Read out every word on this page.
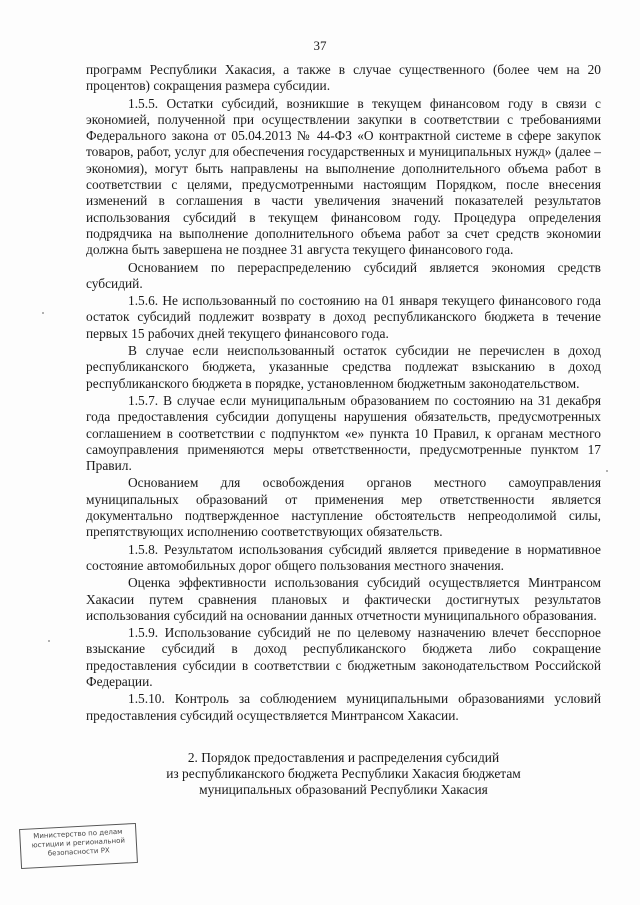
37

программ Республики Хакасия, а также в случае существенного (более чем на 20 процентов) сокращения размера субсидии.

1.5.5. Остатки субсидий, возникшие в текущем финансовом году в связи с экономией, полученной при осуществлении закупки в соответствии с требованиями Федерального закона от 05.04.2013 № 44-ФЗ «О контрактной системе в сфере закупок товаров, работ, услуг для обеспечения государственных и муниципальных нужд» (далее – экономия), могут быть направлены на выполнение дополнительного объема работ в соответствии с целями, предусмотренными настоящим Порядком, после внесения изменений в соглашения в части увеличения значений показателей результатов использования субсидий в текущем финансовом году. Процедура определения подрядчика на выполнение дополнительного объема работ за счет средств экономии должна быть завершена не позднее 31 августа текущего финансового года.

Основанием по перераспределению субсидий является экономия средств субсидий.

1.5.6. Не использованный по состоянию на 01 января текущего финансового года остаток субсидий подлежит возврату в доход республиканского бюджета в течение первых 15 рабочих дней текущего финансового года.

В случае если неиспользованный остаток субсидии не перечислен в доход республиканского бюджета, указанные средства подлежат взысканию в доход республиканского бюджета в порядке, установленном бюджетным законодательством.

1.5.7. В случае если муниципальным образованием по состоянию на 31 декабря года предоставления субсидии допущены нарушения обязательств, предусмотренных соглашением в соответствии с подпунктом «е» пункта 10 Правил, к органам местного самоуправления применяются меры ответственности, предусмотренные пунктом 17 Правил.

Основанием для освобождения органов местного самоуправления муниципальных образований от применения мер ответственности является документально подтвержденное наступление обстоятельств непреодолимой силы, препятствующих исполнению соответствующих обязательств.

1.5.8. Результатом использования субсидий является приведение в нормативное состояние автомобильных дорог общего пользования местного значения.

Оценка эффективности использования субсидий осуществляется Минтрансом Хакасии путем сравнения плановых и фактически достигнутых результатов использования субсидий на основании данных отчетности муниципального образования.

1.5.9. Использование субсидий не по целевому назначению влечет бесспорное взыскание субсидий в доход республиканского бюджета либо сокращение предоставления субсидии в соответствии с бюджетным законодательством Российской Федерации.

1.5.10. Контроль за соблюдением муниципальными образованиями условий предоставления субсидий осуществляется Минтрансом Хакасии.

2. Порядок предоставления и распределения субсидий
из республиканского бюджета Республики Хакасия бюджетам
муниципальных образований Республики Хакасия
Министерство по делам
юстиции и региональной
безопасности РХ
